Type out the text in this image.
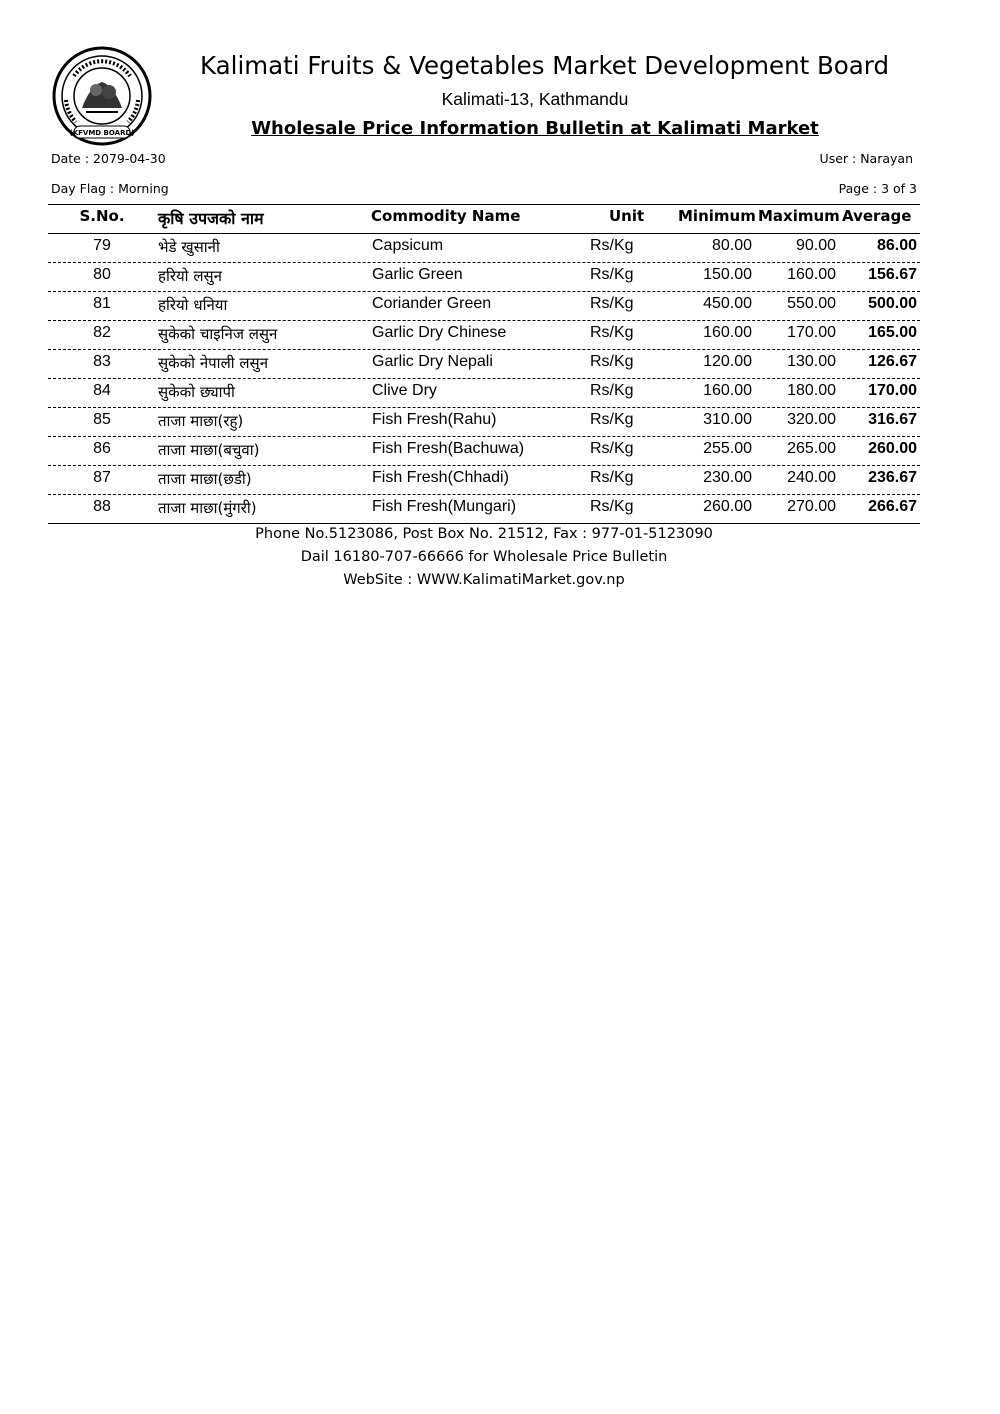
(KFVMD BOARD)
Kalimati Fruits & Vegetables Market Development Board
Kalimati-13, Kathmandu
Wholesale Price Information Bulletin at Kalimati Market
Date : 2079-04-30	User : Narayan
Day Flag : Morning	Page : 3 of 3
S.No.	कृषि उपजको नाम	Commodity Name	Unit Minimum Maximum Average
79	भेडे खुसानी	Capsicum	Rs/Kg	80.00	90.00	86.00
80	हरियो लसुन	Garlic Green	Rs/Kg	150.00	160.00	156.67
81	हरियो धनिया	Coriander Green	Rs/Kg	450.00	550.00	500.00
82	सुकेको चाइनिज लसुन	Garlic Dry Chinese	Rs/Kg	160.00	170.00	165.00
83	सुकेको नेपाली लसुन	Garlic Dry Nepali	Rs/Kg	120.00	130.00	126.67
84	सुकेको छ्यापी	Clive Dry	Rs/Kg	160.00	180.00	170.00
85	ताजा माछा(रहु)	Fish Fresh(Rahu)	Rs/Kg	310.00	320.00	316.67
86	ताजा माछा(बचुवा)	Fish Fresh(Bachuwa)	Rs/Kg	255.00	265.00	260.00
87	ताजा माछा(छडी)	Fish Fresh(Chhadi)	Rs/Kg	230.00	240.00	236.67
88	ताजा माछा(मुंगरी)	Fish Fresh(Mungari)	Rs/Kg	260.00	270.00	266.67
Phone No.5123086, Post Box No. 21512, Fax : 977-01-5123090
Dail 16180-707-66666 for Wholesale Price Bulletin
WebSite : WWW.KalimatiMarket.gov.np
